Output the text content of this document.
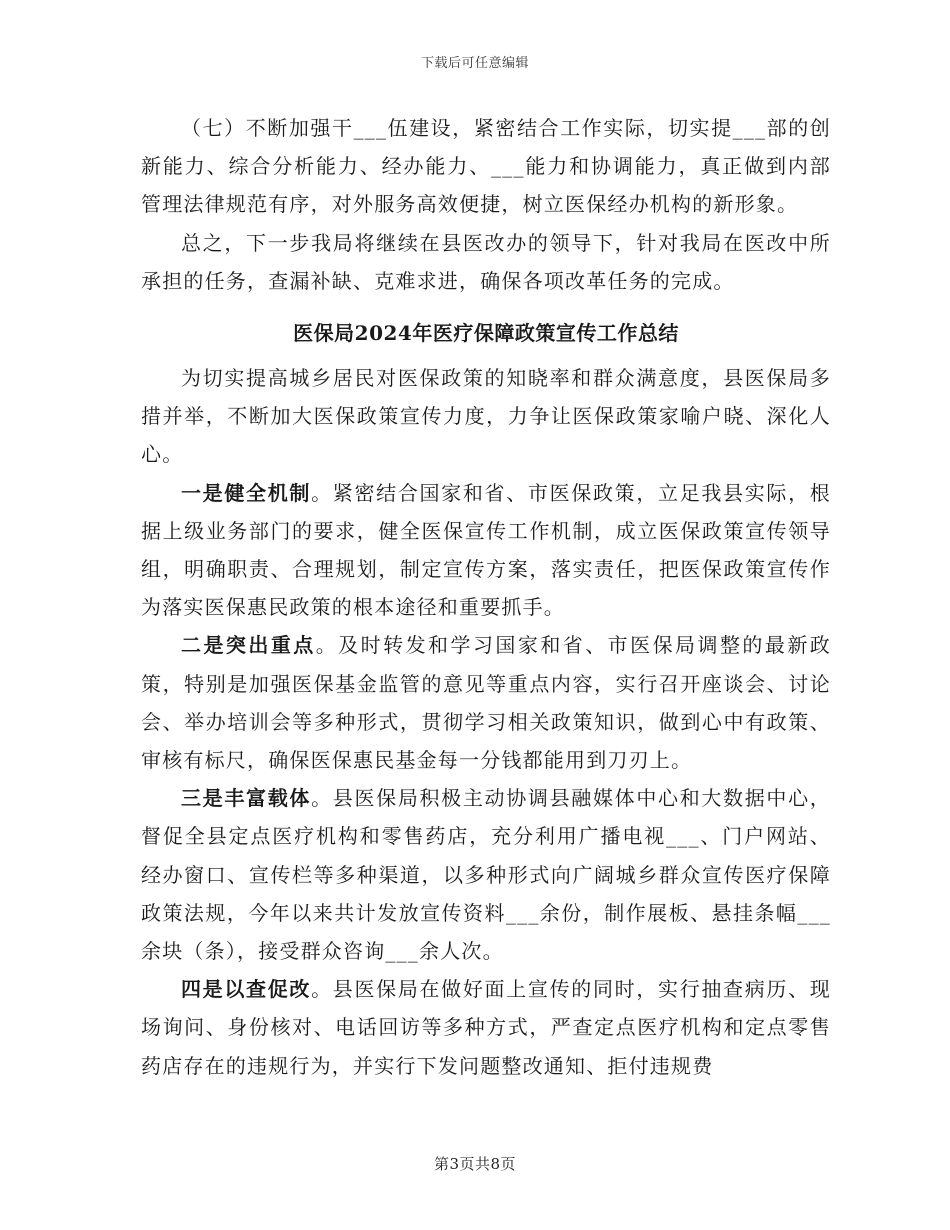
下载后可任意编辑

（七）不断加强干___伍建设，紧密结合工作实际，切实提___部的创新能力、综合分析能力、经办能力、___能力和协调能力，真正做到内部管理法律规范有序，对外服务高效便捷，树立医保经办机构的新形象。

总之，下一步我局将继续在县医改办的领导下，针对我局在医改中所承担的任务，查漏补缺、克难求进，确保各项改革任务的完成。

医保局2024年医疗保障政策宣传工作总结

为切实提高城乡居民对医保政策的知晓率和群众满意度，县医保局多措并举，不断加大医保政策宣传力度，力争让医保政策家喻户晓、深化人心。

一是健全机制。紧密结合国家和省、市医保政策，立足我县实际，根据上级业务部门的要求，健全医保宣传工作机制，成立医保政策宣传领导组，明确职责、合理规划，制定宣传方案，落实责任，把医保政策宣传作为落实医保惠民政策的根本途径和重要抓手。

二是突出重点。及时转发和学习国家和省、市医保局调整的最新政策，特别是加强医保基金监管的意见等重点内容，实行召开座谈会、讨论会、举办培训会等多种形式，贯彻学习相关政策知识，做到心中有政策、审核有标尺，确保医保惠民基金每一分钱都能用到刀刃上。

三是丰富载体。县医保局积极主动协调县融媒体中心和大数据中心，督促全县定点医疗机构和零售药店，充分利用广播电视___、门户网站、经办窗口、宣传栏等多种渠道，以多种形式向广阔城乡群众宣传医疗保障政策法规，今年以来共计发放宣传资料___余份，制作展板、悬挂条幅___余块（条），接受群众咨询___余人次。

四是以查促改。县医保局在做好面上宣传的同时，实行抽查病历、现场询问、身份核对、电话回访等多种方式，严查定点医疗机构和定点零售药店存在的违规行为，并实行下发问题整改通知、拒付违规费

第3页共8页
